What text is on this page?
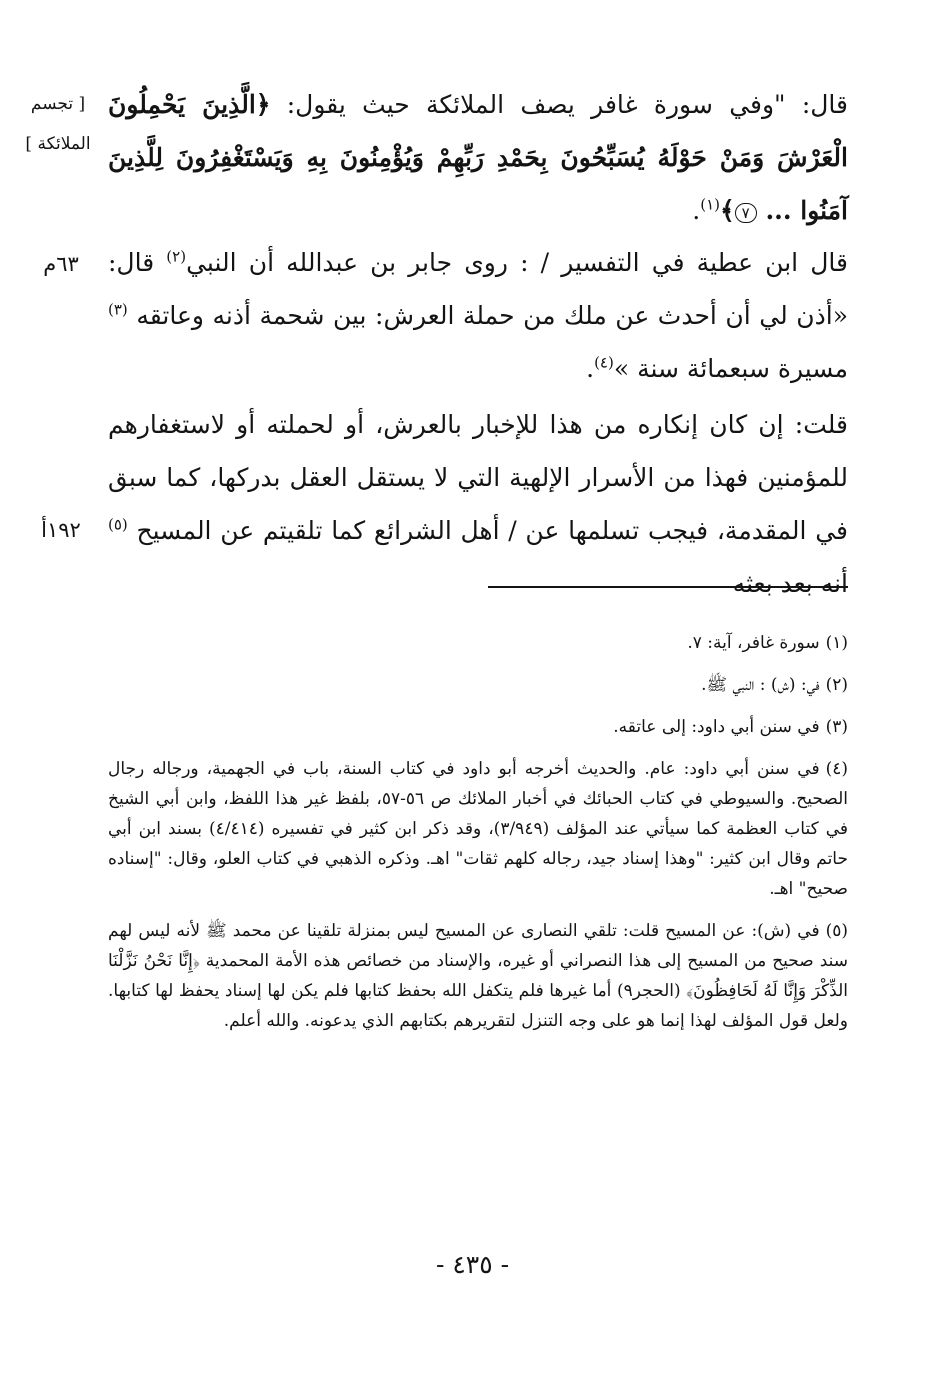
[ تجسم الملائكة ]
٦٣م
١٩٢أ
قال: "وفي سورة غافر يصف الملائكة حيث يقول: ﴿الَّذِينَ يَحْمِلُونَ الْعَرْشَ وَمَنْ حَوْلَهُ يُسَبِّحُونَ بِحَمْدِ رَبِّهِمْ وَيُؤْمِنُونَ بِهِ وَيَسْتَغْفِرُونَ لِلَّذِينَ آمَنُوا ... ٧﴾$^{(١)}$.
قال ابن عطية في التفسير / : روى جابر بن عبدالله أن النبي$^{(٢)}$ قال: «أذن لي أن أحدث عن ملك من حملة العرش: بين شحمة أذنه وعاتقه $^{(٣)}$ مسيرة سبعمائة سنة »$^{(٤)}$.
قلت: إن كان إنكاره من هذا للإخبار بالعرش، أو لحملته أو لاستغفارهم للمؤمنين فهذا من الأسرار الإلهية التي لا يستقل العقل بدركها، كما سبق في المقدمة، فيجب تسلمها عن / أهل الشرائع كما تلقيتم عن المسيح $^{(٥)}$ أنه بعد بعثه
(١)سورة غافر، آية: ٧.
(٢)في: (ش) : النبي ﷺ.
(٣)في سنن أبي داود: إلى عاتقه.
(٤)في سنن أبي داود: عام. والحديث أخرجه أبو داود في كتاب السنة، باب في الجهمية، ورجاله رجال الصحيح. والسيوطي في كتاب الحبائك في أخبار الملائك ص ٥٦-٥٧، بلفظ غير هذا اللفظ، وابن أبي الشيخ في كتاب العظمة كما سيأتي عند المؤلف (٣/٩٤٩)، وقد ذكر ابن كثير في تفسيره (٤/٤١٤) بسند ابن أبي حاتم وقال ابن كثير: "وهذا إسناد جيد، رجاله كلهم ثقات" اهـ. وذكره الذهبي في كتاب العلو، وقال: "إسناده صحيح" اهـ.
(٥)في (ش): عن المسيح قلت: تلقي النصارى عن المسيح ليس بمنزلة تلقينا عن محمد ﷺ لأنه ليس لهم سند صحيح من المسيح إلى هذا النصراني أو غيره، والإسناد من خصائص هذه الأمة المحمدية ﴿إِنَّا نَحْنُ نَزَّلْنَا الذِّكْرَ وَإِنَّا لَهُ لَحَافِظُونَ﴾ (الحجر٩) أما غيرها فلم يتكفل الله بحفظ كتابها فلم يكن لها إسناد يحفظ لها كتابها. ولعل قول المؤلف لهذا إنما هو على وجه التنزل لتقريرهم بكتابهم الذي يدعونه. والله أعلم.
- ٤٣٥ -
